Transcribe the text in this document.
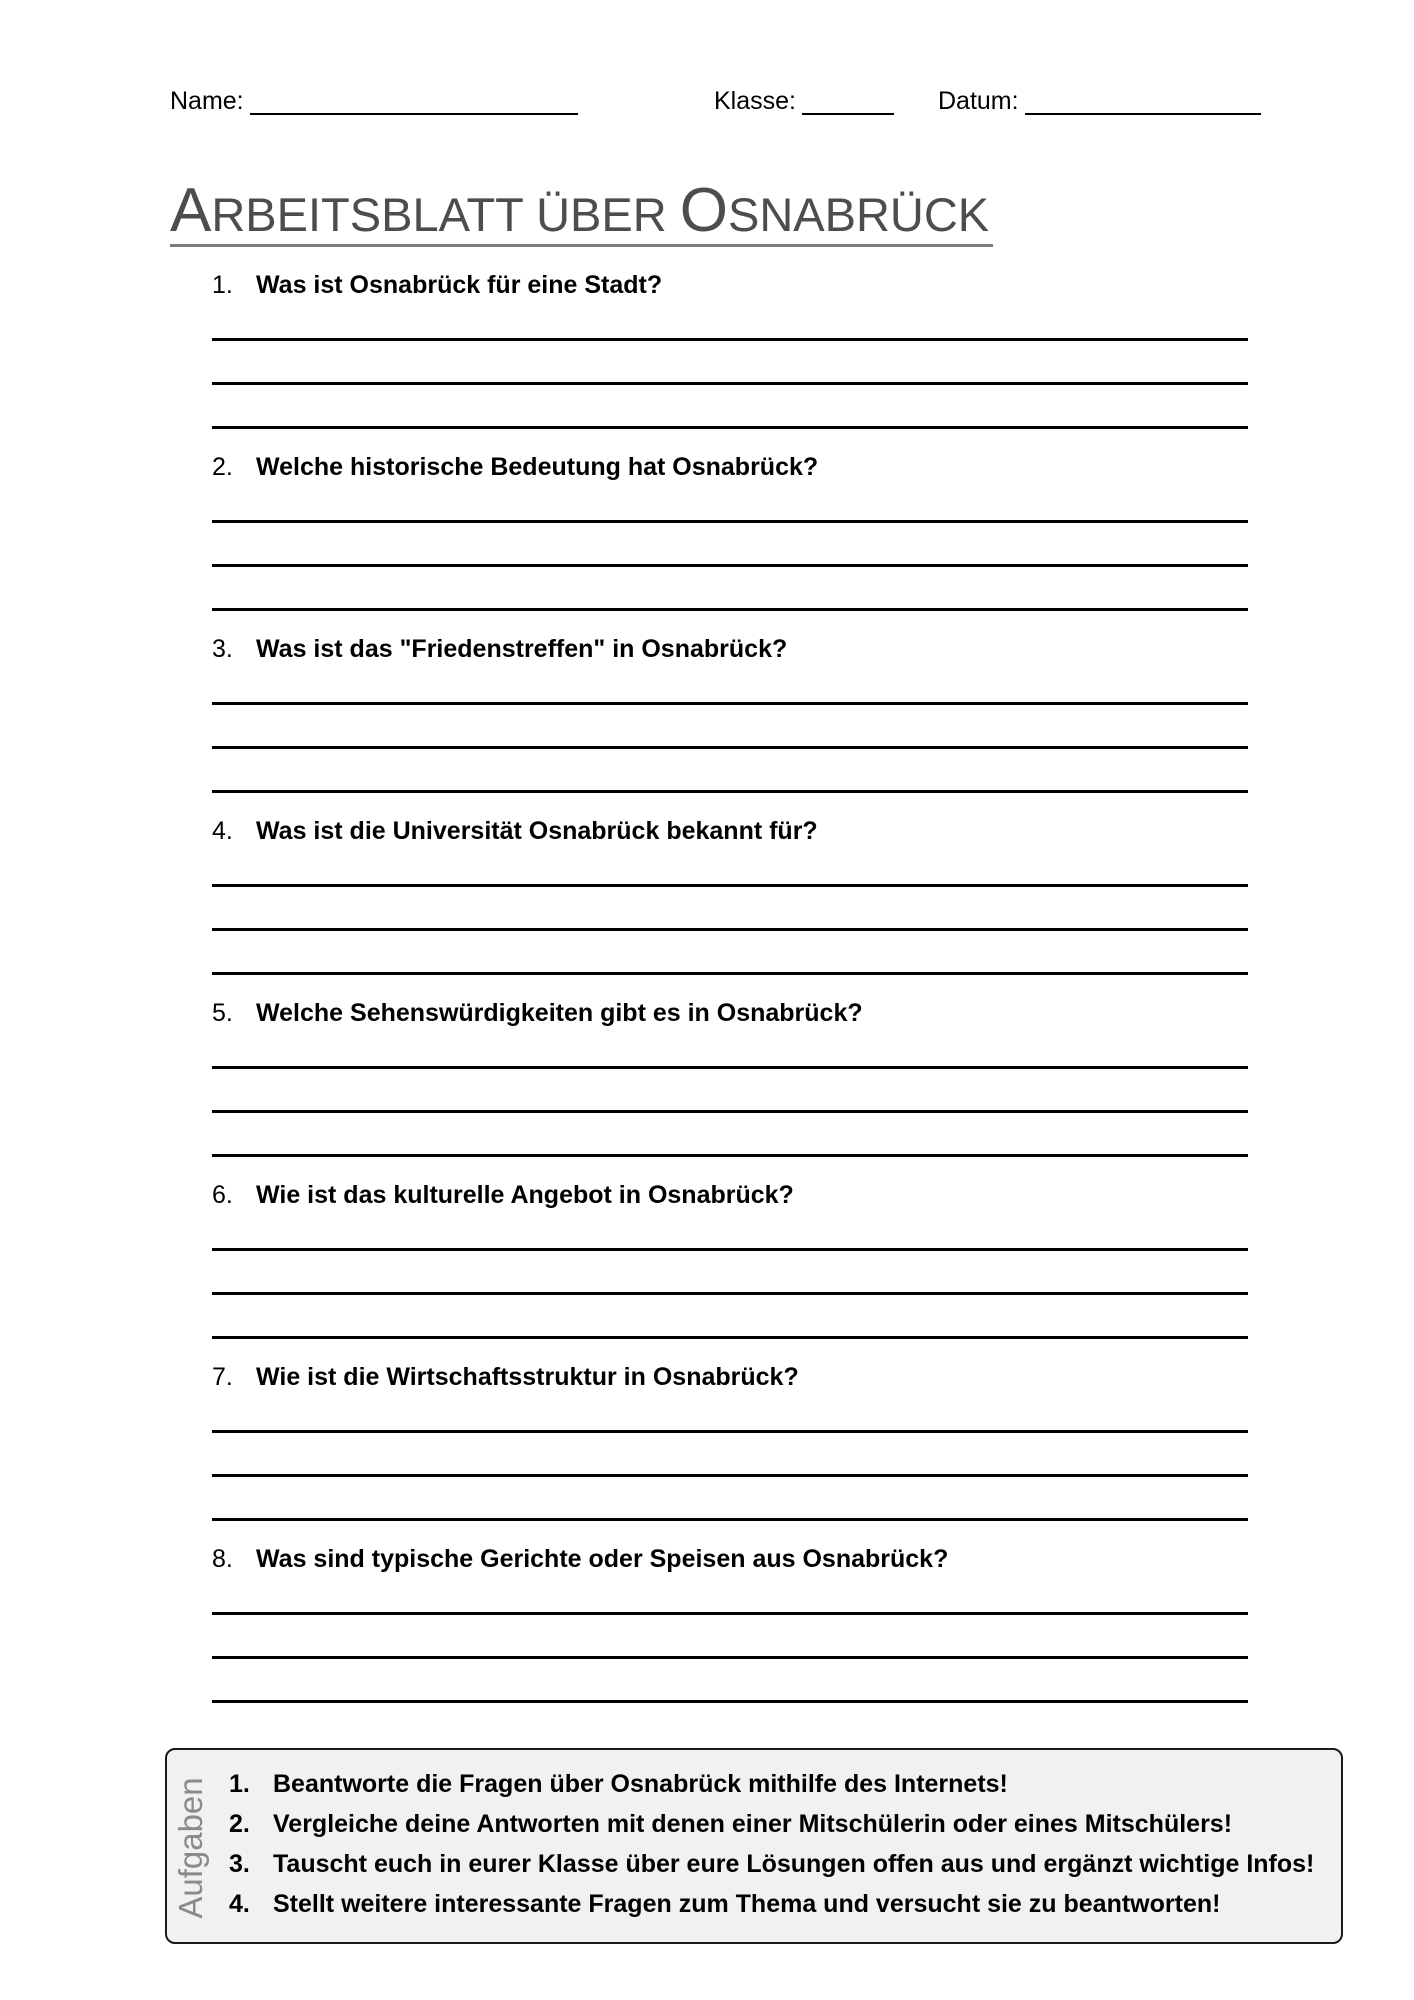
Name:	Klasse:	Datum:
ARBEITSBLATT ÜBER OSNABRÜCK
1. Was ist Osnabrück für eine Stadt?
2. Welche historische Bedeutung hat Osnabrück?
3. Was ist das "Friedenstreffen" in Osnabrück?
4. Was ist die Universität Osnabrück bekannt für?
5. Welche Sehenswürdigkeiten gibt es in Osnabrück?
6. Wie ist das kulturelle Angebot in Osnabrück?
7. Wie ist die Wirtschaftsstruktur in Osnabrück?
8. Was sind typische Gerichte oder Speisen aus Osnabrück?
Aufgaben 1. Beantworte die Fragen über Osnabrück mithilfe des Internets!
2. Vergleiche deine Antworten mit denen einer Mitschülerin oder eines Mitschülers!
3. Tauscht euch in eurer Klasse über eure Lösungen offen aus und ergänzt wichtige Infos!
4. Stellt weitere interessante Fragen zum Thema und versucht sie zu beantworten!
